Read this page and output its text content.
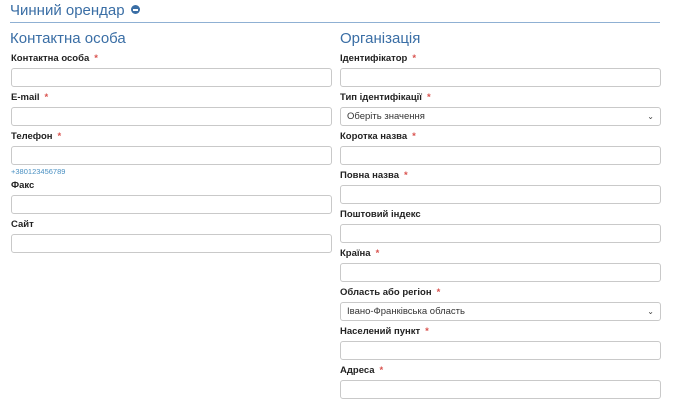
Чинний орендар
Контактна особа
Контактна особа *
E-mail *
Телефон *
+380123456789
Факс
Сайт
Організація
Ідентифікатор *
Тип ідентифікації *
Оберіть значення	⌄
Коротка назва *
Повна назва *
Поштовий індекс
Країна *
Область або регіон *
Івано-Франківська область	⌄
Населений пункт *
Адреса *
